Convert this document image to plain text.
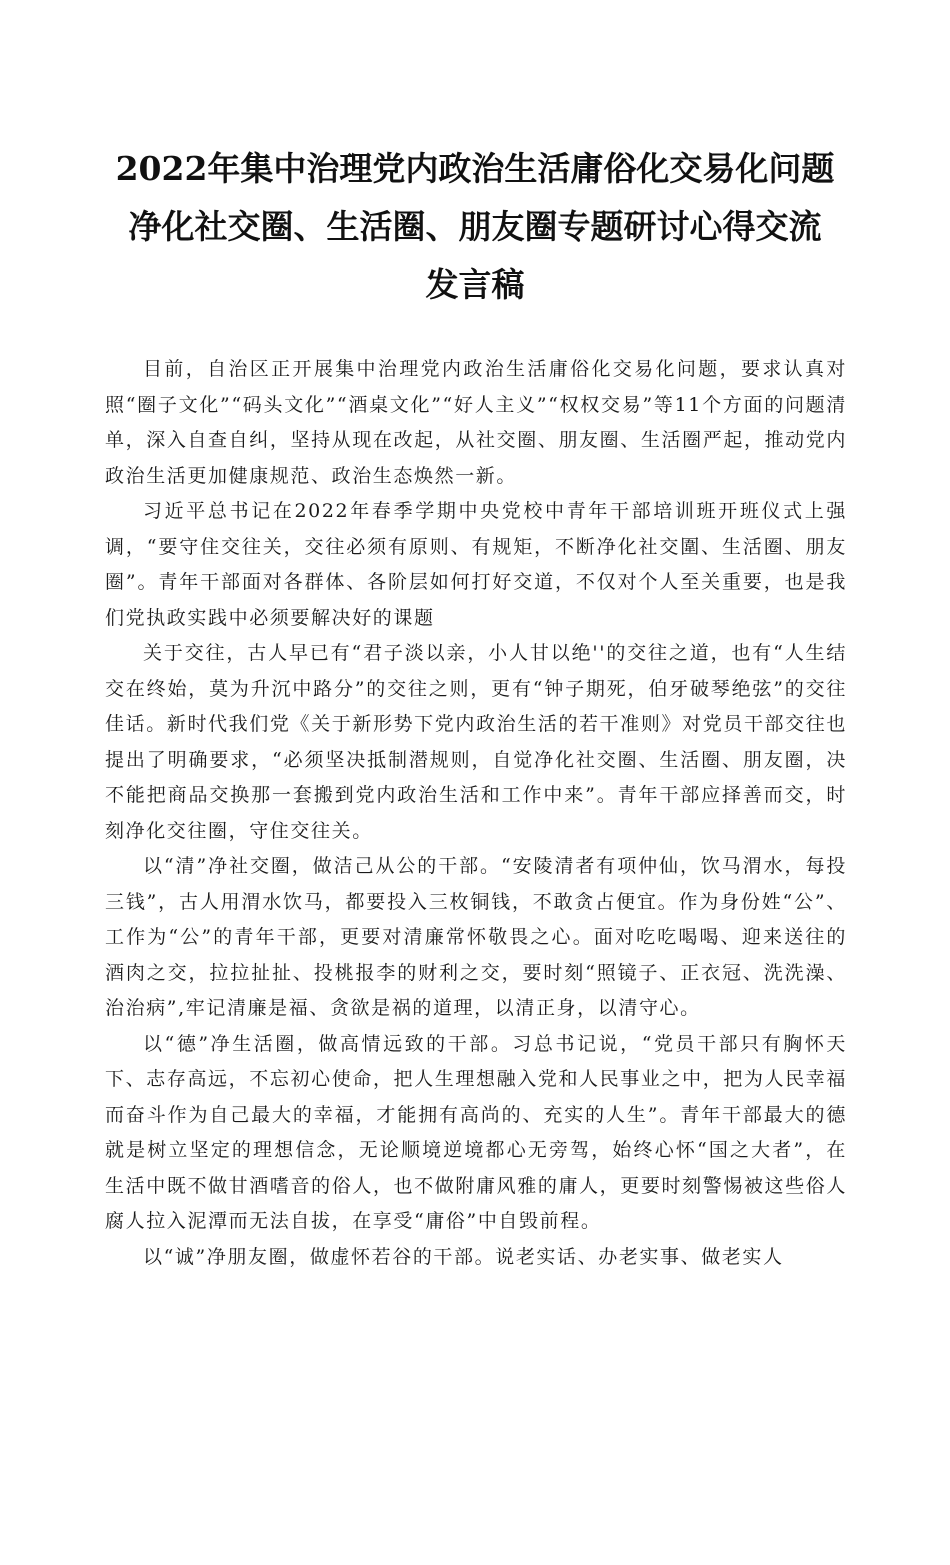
2022年集中治理党内政治生活庸俗化交易化问题
净化社交圈、生活圈、朋友圈专题研讨心得交流
发言稿

目前，自治区正开展集中治理党内政治生活庸俗化交易化问题，要求认真对照“圈子文化”“码头文化”“酒桌文化”“好人主义”“权权交易”等11个方面的问题清单，深入自查自纠，坚持从现在改起，从社交圈、朋友圈、生活圈严起，推动党内政治生活更加健康规范、政治生态焕然一新。

习近平总书记在2022年春季学期中央党校中青年干部培训班开班仪式上强调，“要守住交往关，交往必须有原则、有规矩，不断净化社交圍、生活圈、朋友圈”。青年干部面对各群体、各阶层如何打好交道，不仅对个人至关重要，也是我们党执政实践中必须要解决好的课题

关于交往，古人早已有“君子淡以亲，小人甘以绝''的交往之道，也有“人生结交在终始，莫为升沉中路分”的交往之则，更有“钟子期死，伯牙破琴绝弦”的交往佳话。新时代我们党《关于新形势下党内政治生活的若干准则》对党员干部交往也提出了明确要求，“必须坚决抵制潜规则，自觉净化社交圈、生活圈、朋友圈，决不能把商品交换那一套搬到党内政治生活和工作中来”。青年干部应择善而交，时刻净化交往圈，守住交往关。

以“清”净社交圈，做洁己从公的干部。“安陵清者有项仲仙，饮马渭水，每投三钱”，古人用渭水饮马，都要投入三枚铜钱，不敢贪占便宜。作为身份姓“公”、工作为“公”的青年干部，更要对清廉常怀敬畏之心。面对吃吃喝喝、迎来送往的酒肉之交，拉拉扯扯、投桃报李的财利之交，要时刻“照镜子、正衣冠、洗洗澡、治治病”,牢记清廉是福、贪欲是祸的道理，以清正身，以清守心。

以“德”净生活圈，做高情远致的干部。习总书记说，“党员干部只有胸怀天下、志存高远，不忘初心使命，把人生理想融入党和人民事业之中，把为人民幸福而奋斗作为自己最大的幸福，才能拥有高尚的、充实的人生”。青年干部最大的德就是树立坚定的理想信念，无论顺境逆境都心无旁驾，始终心怀“国之大者”，在生活中既不做甘酒嗜音的俗人，也不做附庸风雅的庸人，更要时刻警惕被这些俗人腐人拉入泥潭而无法自拔，在享受“庸俗”中自毁前程。

以“诚”净朋友圈，做虚怀若谷的干部。说老实话、办老实事、做老实人
